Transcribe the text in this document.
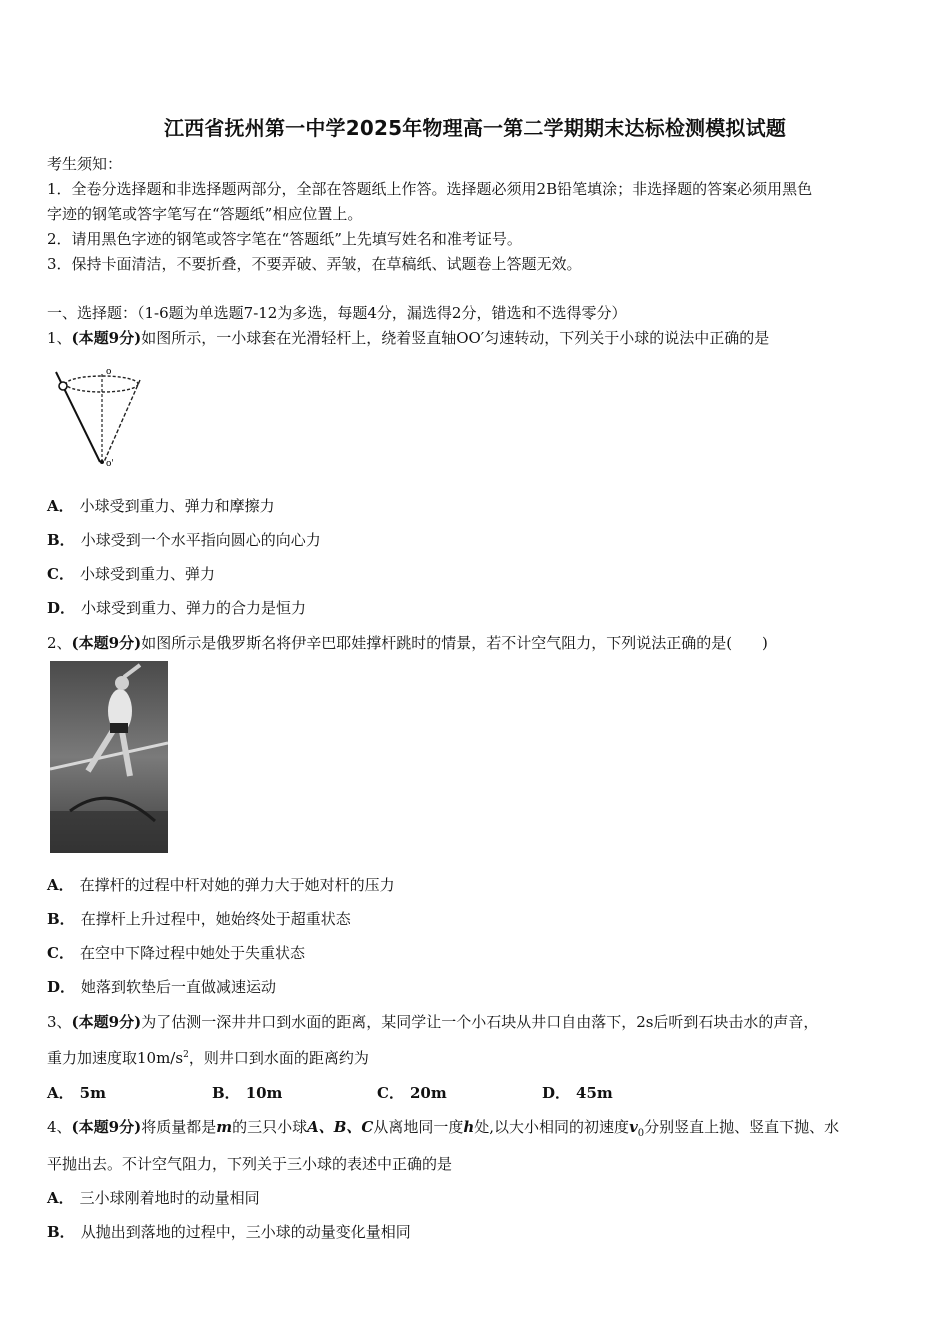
江西省抚州第一中学2025年物理高一第二学期期末达标检测模拟试题
考生须知：
1．全卷分选择题和非选择题两部分，全部在答题纸上作答。选择题必须用2B铅笔填涂；非选择题的答案必须用黑色
字迹的钢笔或答字笔写在“答题纸”相应位置上。
2．请用黑色字迹的钢笔或答字笔在“答题纸”上先填写姓名和准考证号。
3．保持卡面清洁，不要折叠，不要弄破、弄皱，在草稿纸、试题卷上答题无效。
一、选择题：（1-6题为单选题7-12为多选，每题4分，漏选得2分，错选和不选得零分）
1、(本题9分)如图所示，一小球套在光滑轻杆上，绕着竖直轴OO′匀速转动，下列关于小球的说法中正确的是
o
o'
A． 小球受到重力、弹力和摩擦力
B． 小球受到一个水平指向圆心的向心力
C． 小球受到重力、弹力
D． 小球受到重力、弹力的合力是恒力
2、(本题9分)如图所示是俄罗斯名将伊辛巴耶娃撑杆跳时的情景，若不计空气阻力，下列说法正确的是(　　)
A． 在撑杆的过程中杆对她的弹力大于她对杆的压力
B． 在撑杆上升过程中，她始终处于超重状态
C． 在空中下降过程中她处于失重状态
D． 她落到软垫后一直做减速运动
3、(本题9分)为了估测一深井井口到水面的距离，某同学让一个小石块从井口自由落下，2s后听到石块击水的声音，
重力加速度取$10m/s^2$，则井口到水面的距离约为
A． 5m	B． 10m	C． 20m	D． 45m
4、(本题9分)将质量都是m的三只小球A、B、C从离地同一度h处,以大小相同的初速度$v_0$分别竖直上抛、竖直下抛、水
平抛出去。不计空气阻力，下列关于三小球的表述中正确的是
A． 三小球刚着地时的动量相同
B． 从抛出到落地的过程中，三小球的动量变化量相同
